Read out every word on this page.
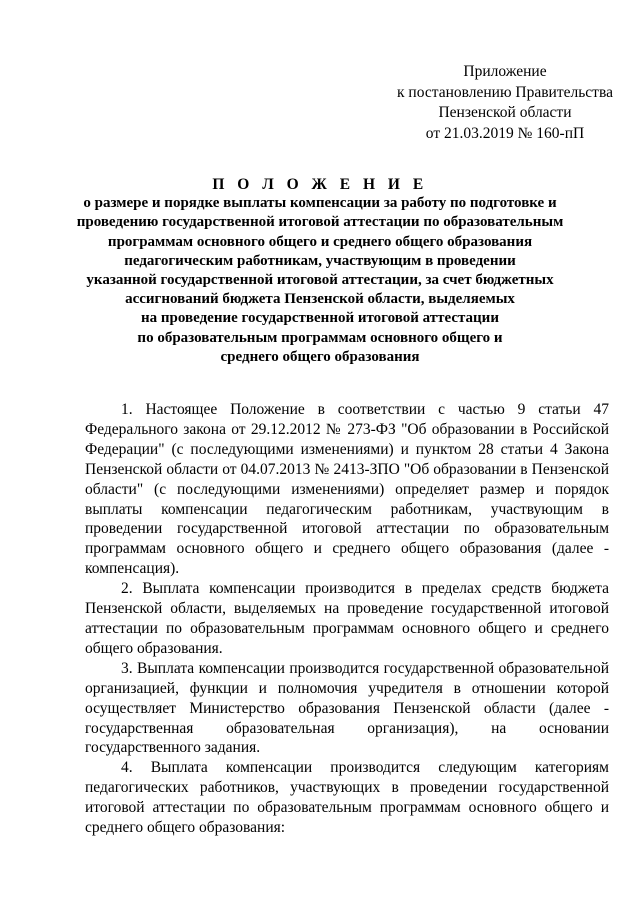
Приложение
к постановлению Правительства
Пензенской области
от 21.03.2019 № 160-пП
П О Л О Ж Е Н И Е
о размере и порядке выплаты компенсации за работу по подготовке и
проведению государственной итоговой аттестации по образовательным
программам основного общего и среднего общего образования
педагогическим работникам, участвующим в проведении
указанной государственной итоговой аттестации, за счет бюджетных
ассигнований бюджета Пензенской области, выделяемых
на проведение государственной итоговой аттестации
по образовательным программам основного общего и
среднего общего образования

1. Настоящее Положение в соответствии с частью 9 статьи 47 Федерального закона от 29.12.2012 № 273-ФЗ "Об образовании в Российской Федерации" (с последующими изменениями) и пунктом 28 статьи 4 Закона Пензенской области от 04.07.2013 № 2413-ЗПО "Об образовании в Пензенской области" (с последующими изменениями) определяет размер и порядок выплаты компенсации педагогическим работникам, участвующим в проведении государственной итоговой аттестации по образовательным программам основного общего и среднего общего образования (далее - компенсация).

2. Выплата компенсации производится в пределах средств бюджета Пензенской области, выделяемых на проведение государственной итоговой аттестации по образовательным программам основного общего и среднего общего образования.

3. Выплата компенсации производится государственной образовательной организацией, функции и полномочия учредителя в отношении которой осуществляет Министерство образования Пензенской области (далее - государственная образовательная организация), на основании государственного задания.

4. Выплата компенсации производится следующим категориям педагогических работников, участвующих в проведении государственной итоговой аттестации по образовательным программам основного общего и среднего общего образования:
